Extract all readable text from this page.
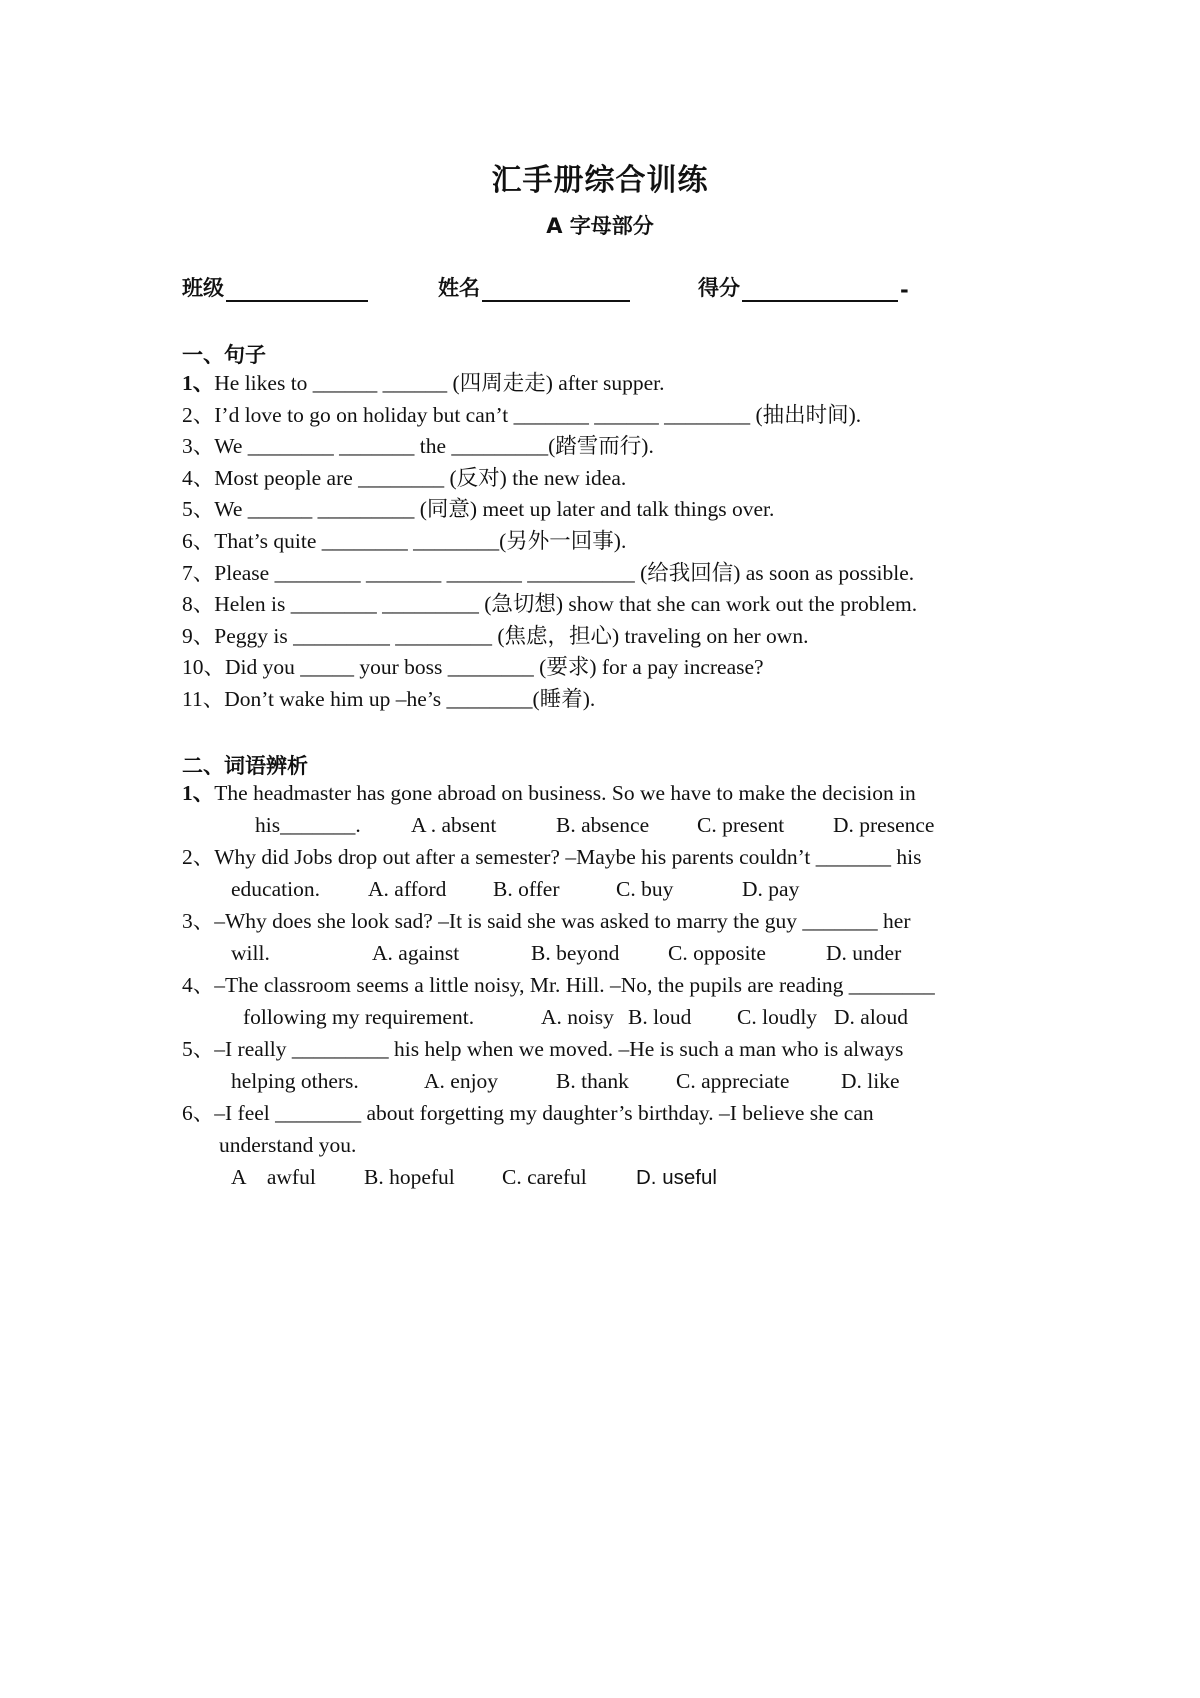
汇手册综合训练
A 字母部分
班级	姓名	得分	-
一、句子
1、He likes to ______ ______ (四周走走) after supper.
2、I’d love to go on holiday but can’t _______ ______ ________ (抽出时间).
3、We ________ _______ the _________(踏雪而行).
4、Most people are ________ (反对) the new idea.
5、We ______ _________ (同意) meet up later and talk things over.
6、That’s quite ________ ________(另外一回事).
7、Please ________ _______ _______ __________ (给我回信) as soon as possible.
8、Helen is ________ _________ (急切想) show that she can work out the problem.
9、Peggy is _________ _________ (焦虑，担心) traveling on her own.
10、Did you _____ your boss ________ (要求) for a pay increase?
11、Don’t wake him up –he’s ________(睡着).
二、词语辨析
1、The headmaster has gone abroad on business. So we have to make the decision in
his_______. A . absent	B. absence C. present D. presence
2、Why did Jobs drop out after a semester? –Maybe his parents couldn’t _______ his
education. A. afford B. offer	C. buy	D. pay
3、–Why does she look sad? –It is said she was asked to marry the guy _______ her
will.	A. against	B. beyond C. opposite	D. under
4、–The classroom seems a little noisy, Mr. Hill. –No, the pupils are reading ________
following my requirement.	A. noisy B. loud C. loudly D. aloud
5、–I really _________ his help when we moved. –He is such a man who is always
helping others.	A. enjoy	B. thank C. appreciate D. like
6、–I feel ________ about forgetting my daughter’s birthday. –I believe she can
understand you.
A    awful B. hopeful C. careful D. useful
